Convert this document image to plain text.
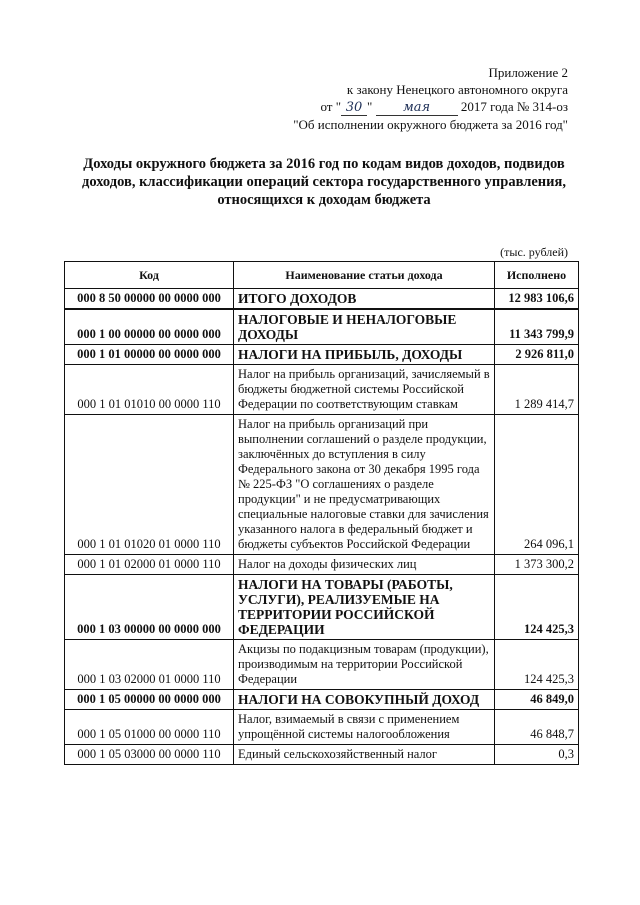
Приложение 2
к закону Ненецкого автономного округа
от " 30 " мая 2017 года № 314-оз
"Об исполнении окружного бюджета за 2016 год"
Доходы окружного бюджета за 2016 год по кодам видов доходов, подвидов доходов, классификации операций сектора государственного управления, относящихся к доходам бюджета
(тыс. рублей)
Код	Наименование статьи дохода	Исполнено
000 8 50 00000 00 0000 000	ИТОГО ДОХОДОВ	12 983 106,6
000 1 00 00000 00 0000 000	НАЛОГОВЫЕ И НЕНАЛОГОВЫЕ ДОХОДЫ	11 343 799,9
000 1 01 00000 00 0000 000	НАЛОГИ НА ПРИБЫЛЬ, ДОХОДЫ	2 926 811,0
000 1 01 01010 00 0000 110	Налог на прибыль организаций, зачисляемый в бюджеты бюджетной системы Российской Федерации по соответствующим ставкам	1 289 414,7
000 1 01 01020 01 0000 110	Налог на прибыль организаций при выполнении соглашений о разделе продукции, заключённых до вступления в силу Федерального закона от 30 декабря 1995 года № 225-ФЗ "О соглашениях о разделе продукции" и не предусматривающих специальные налоговые ставки для зачисления указанного налога в федеральный бюджет и бюджеты субъектов Российской Федерации	264 096,1
000 1 01 02000 01 0000 110	Налог на доходы физических лиц	1 373 300,2
000 1 03 00000 00 0000 000	НАЛОГИ НА ТОВАРЫ (РАБОТЫ, УСЛУГИ), РЕАЛИЗУЕМЫЕ НА ТЕРРИТОРИИ РОССИЙСКОЙ ФЕДЕРАЦИИ	124 425,3
000 1 03 02000 01 0000 110	Акцизы по подакцизным товарам (продукции), производимым на территории Российской Федерации	124 425,3
000 1 05 00000 00 0000 000	НАЛОГИ НА СОВОКУПНЫЙ ДОХОД	46 849,0
000 1 05 01000 00 0000 110	Налог, взимаемый в связи с применением упрощённой системы налогообложения	46 848,7
000 1 05 03000 00 0000 110	Единый сельскохозяйственный налог	0,3
